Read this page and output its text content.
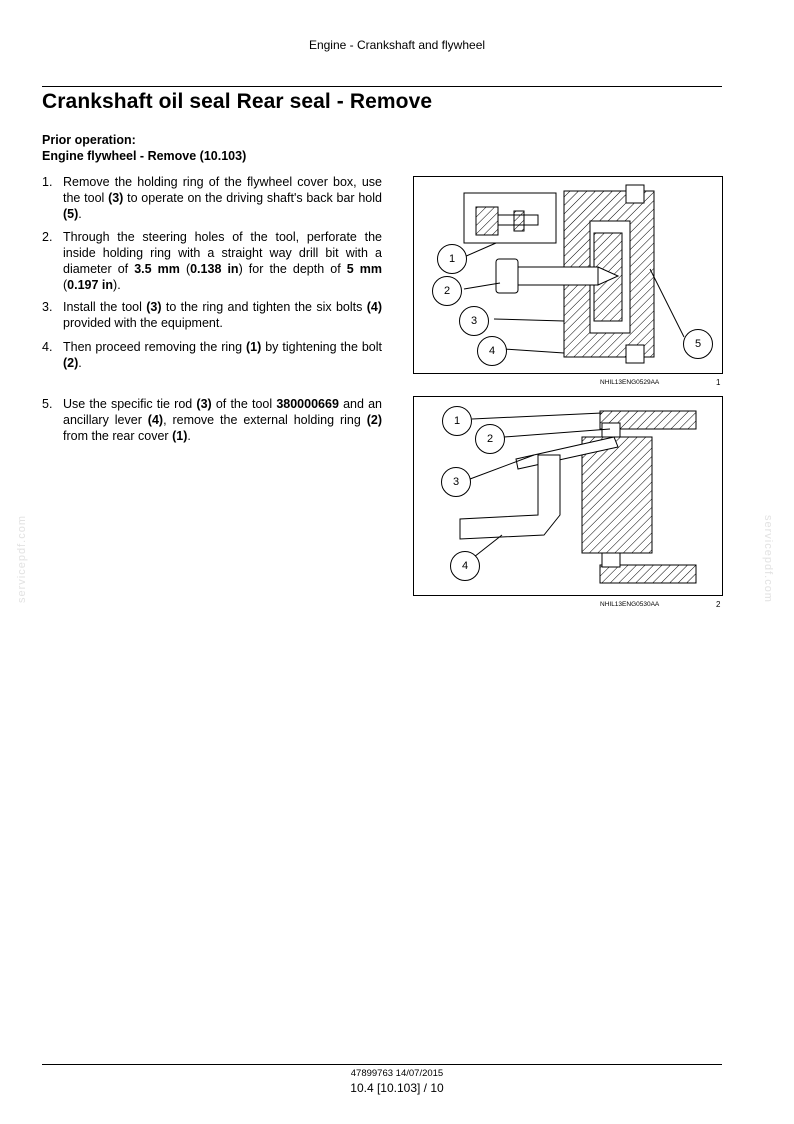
Engine - Crankshaft and flywheel
Crankshaft oil seal Rear seal - Remove
Prior operation:
Engine flywheel - Remove (10.103)
1. Remove the holding ring of the flywheel cover box, use the tool (3) to operate on the driving shaft's back bar hold (5).
2. Through the steering holes of the tool, perforate the inside holding ring with a straight way drill bit with a diameter of 3.5 mm (0.138 in) for the depth of 5 mm (0.197 in).
3. Install the tool (3) to the ring and tighten the six bolts (4) provided with the equipment.
4. Then proceed removing the ring (1) by tightening the bolt (2).
5. Use the specific tie rod (3) of the tool 380000669 and an ancillary lever (4), remove the external holding ring (2) from the rear cover (1).
1
2
3
4
5
NHIL13ENG0529AA	1
1
2
3
4
NHIL13ENG0530AA	2
servicepdf.com	servicepdf.com
47899763 14/07/2015
10.4 [10.103] / 10
